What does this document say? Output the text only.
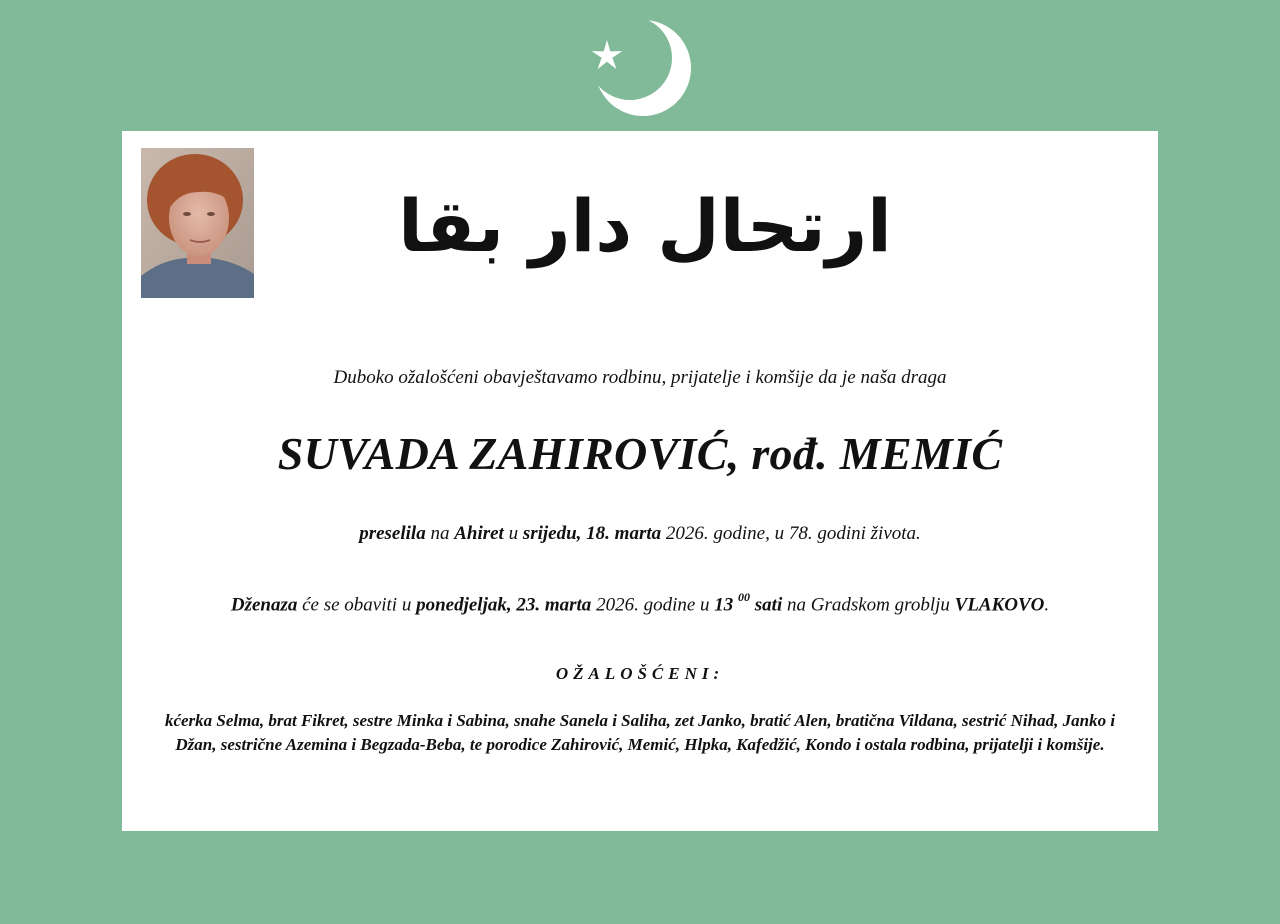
ارتحال دار بقا
Duboko ožalošćeni obavještavamo rodbinu, prijatelje i komšije da je naša draga
SUVADA ZAHIROVIĆ, rođ. MEMIĆ
preselila na Ahiret u srijedu, 18. marta 2026. godine, u 78. godini života.
Dženaza će se obaviti u ponedjeljak, 23. marta 2026. godine u 13 $^{00}$ sati na Gradskom groblju VLAKOVO.
OŽALOŠĆENI:
kćerka Selma, brat Fikret, sestre Minka i Sabina, snahe Sanela i Saliha, zet Janko, bratić Alen, bratična Vildana, sestrić Nihad, Janko i Džan, sestrične Azemina i Begzada-Beba, te porodice Zahirović, Memić, Hlpka, Kafedžić, Kondo i ostala rodbina, prijatelji i komšije.
